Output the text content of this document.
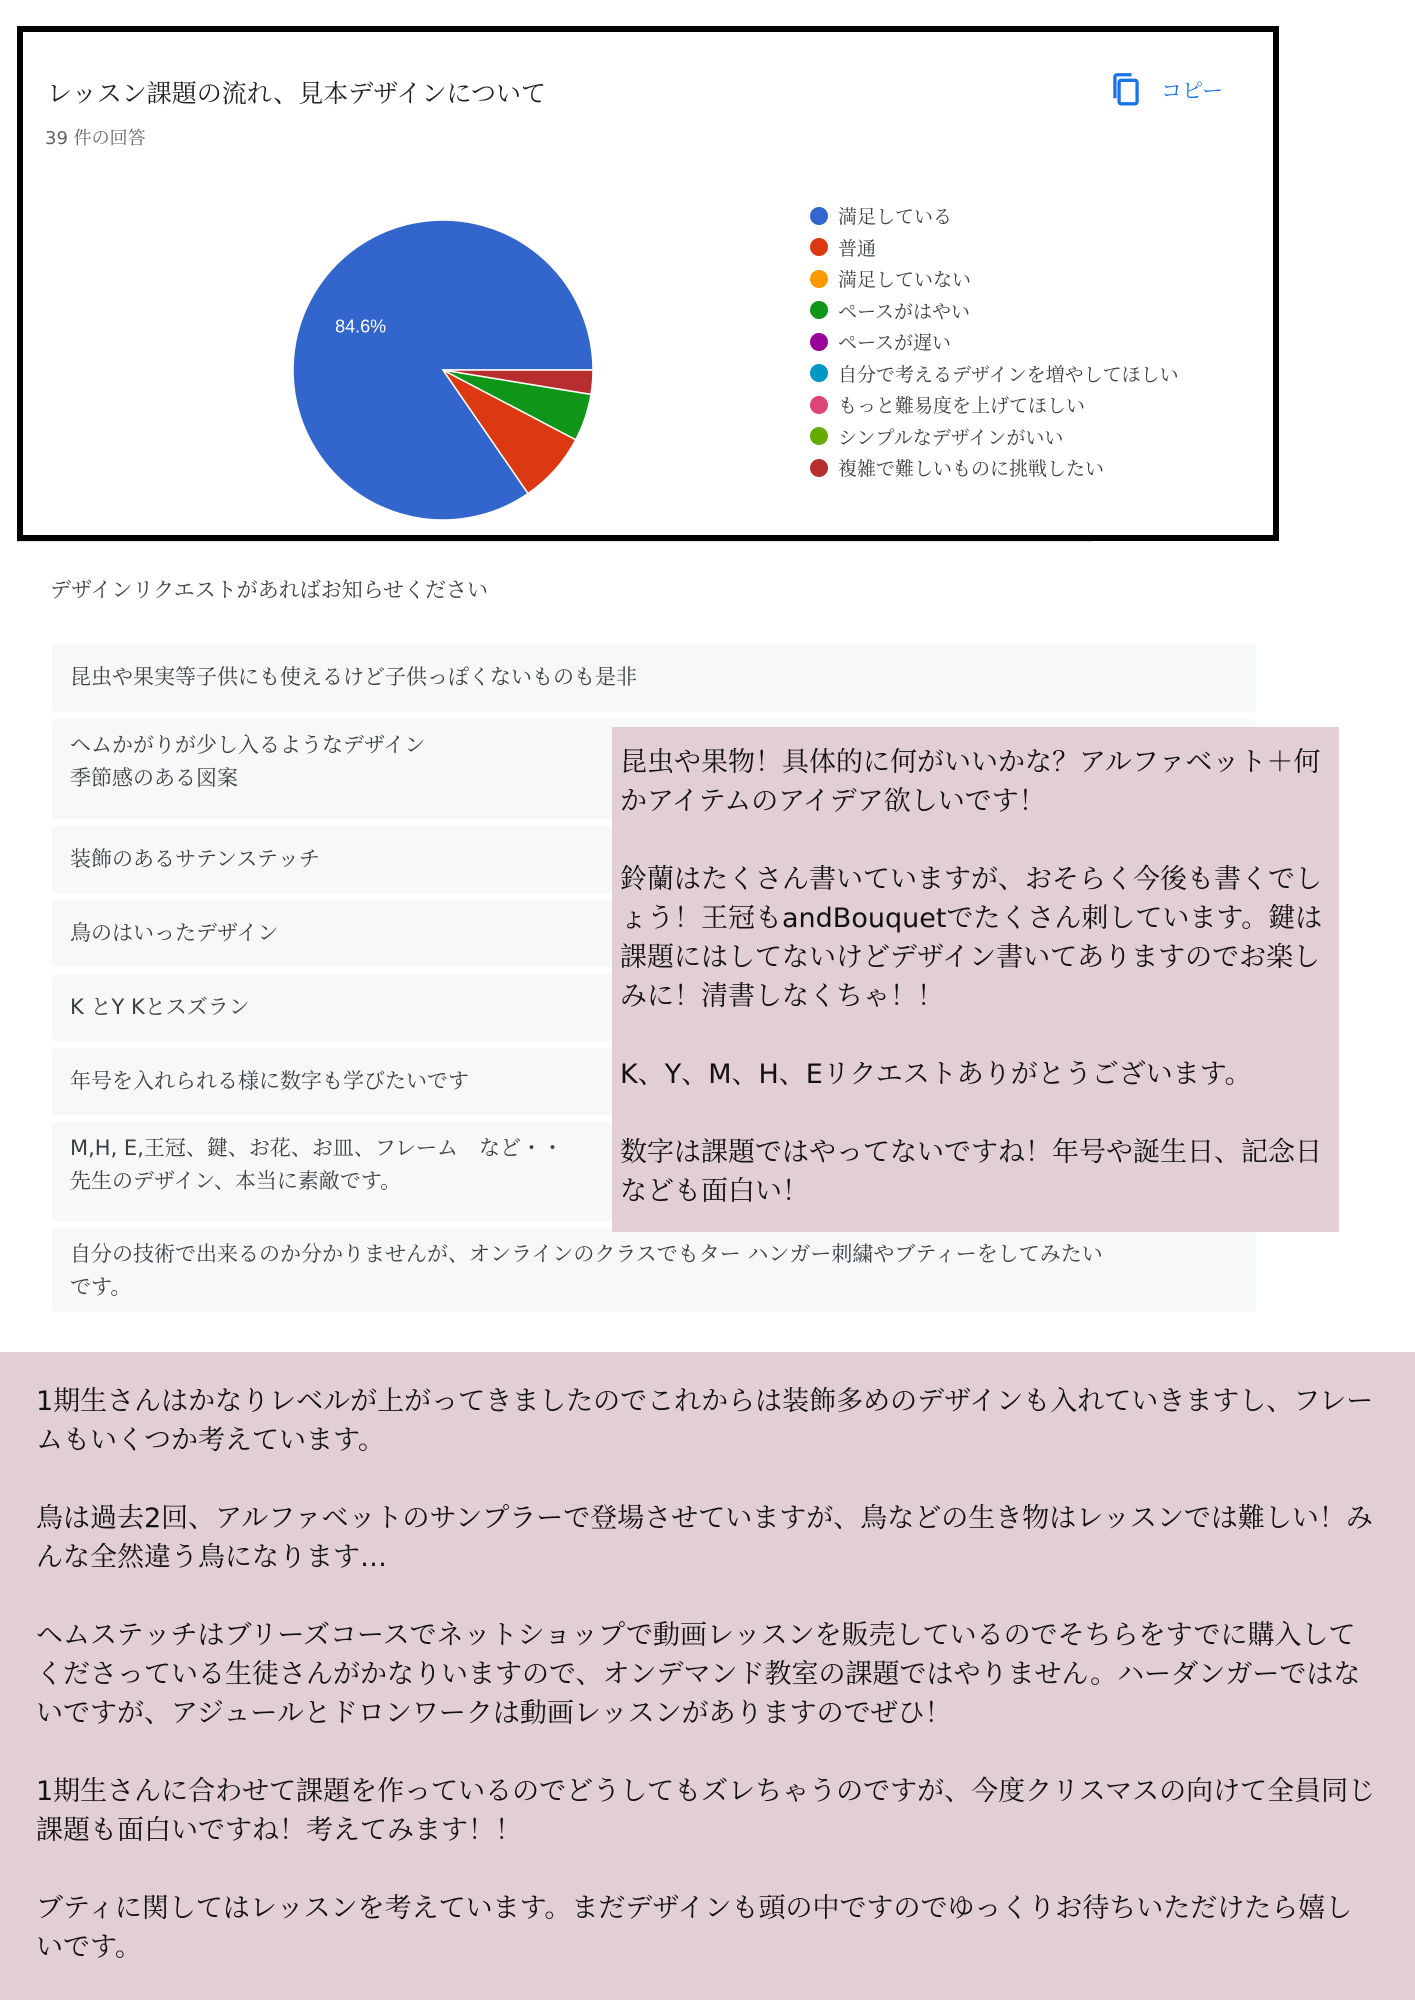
レッスン課題の流れ、見本デザインについて
39 件の回答
コピー
84.6%
満足している
普通
満足していない
ペースがはやい
ペースが遅い
自分で考えるデザインを増やしてほしい
もっと難易度を上げてほしい
シンプルなデザインがいい
複雑で難しいものに挑戦したい
デザインリクエストがあればお知らせください
昆虫や果実等子供にも使えるけど子供っぽくないものも是非
ヘムかがりが少し入るようなデザイン
季節感のある図案
装飾のあるサテンステッチ
鳥のはいったデザイン
K とY Kとスズラン
年号を入れられる様に数字も学びたいです
M,H, E,王冠、鍵、お花、お皿、フレーム　など・・
先生のデザイン、本当に素敵です。
自分の技術で出来るのか分かりませんが、オンラインのクラスでもター ハンガー刺繍やブティーをしてみたい
です。

昆虫や果物！具体的に何がいいかな？アルファベット＋何かアイテムのアイデア欲しいです！

鈴蘭はたくさん書いていますが、おそらく今後も書くでしょう！王冠もandBouquetでたくさん刺しています。鍵は課題にはしてないけどデザイン書いてありますのでお楽しみに！清書しなくちゃ！！

K、Y、M、H、Eリクエストありがとうございます。

数字は課題ではやってないですね！年号や誕生日、記念日なども面白い！

1期生さんはかなりレベルが上がってきましたのでこれからは装飾多めのデザインも入れていきますし、フレームもいくつか考えています。

鳥は過去2回、アルファベットのサンプラーで登場させていますが、鳥などの生き物はレッスンでは難しい！みんな全然違う鳥になります…

ヘムステッチはブリーズコースでネットショップで動画レッスンを販売しているのでそちらをすでに購入してくださっている生徒さんがかなりいますので、オンデマンド教室の課題ではやりません。ハーダンガーではないですが、アジュールとドロンワークは動画レッスンがありますのでぜひ！

1期生さんに合わせて課題を作っているのでどうしてもズレちゃうのですが、今度クリスマスの向けて全員同じ課題も面白いですね！考えてみます！！

ブティに関してはレッスンを考えています。まだデザインも頭の中ですのでゆっくりお待ちいただけたら嬉しいです。
